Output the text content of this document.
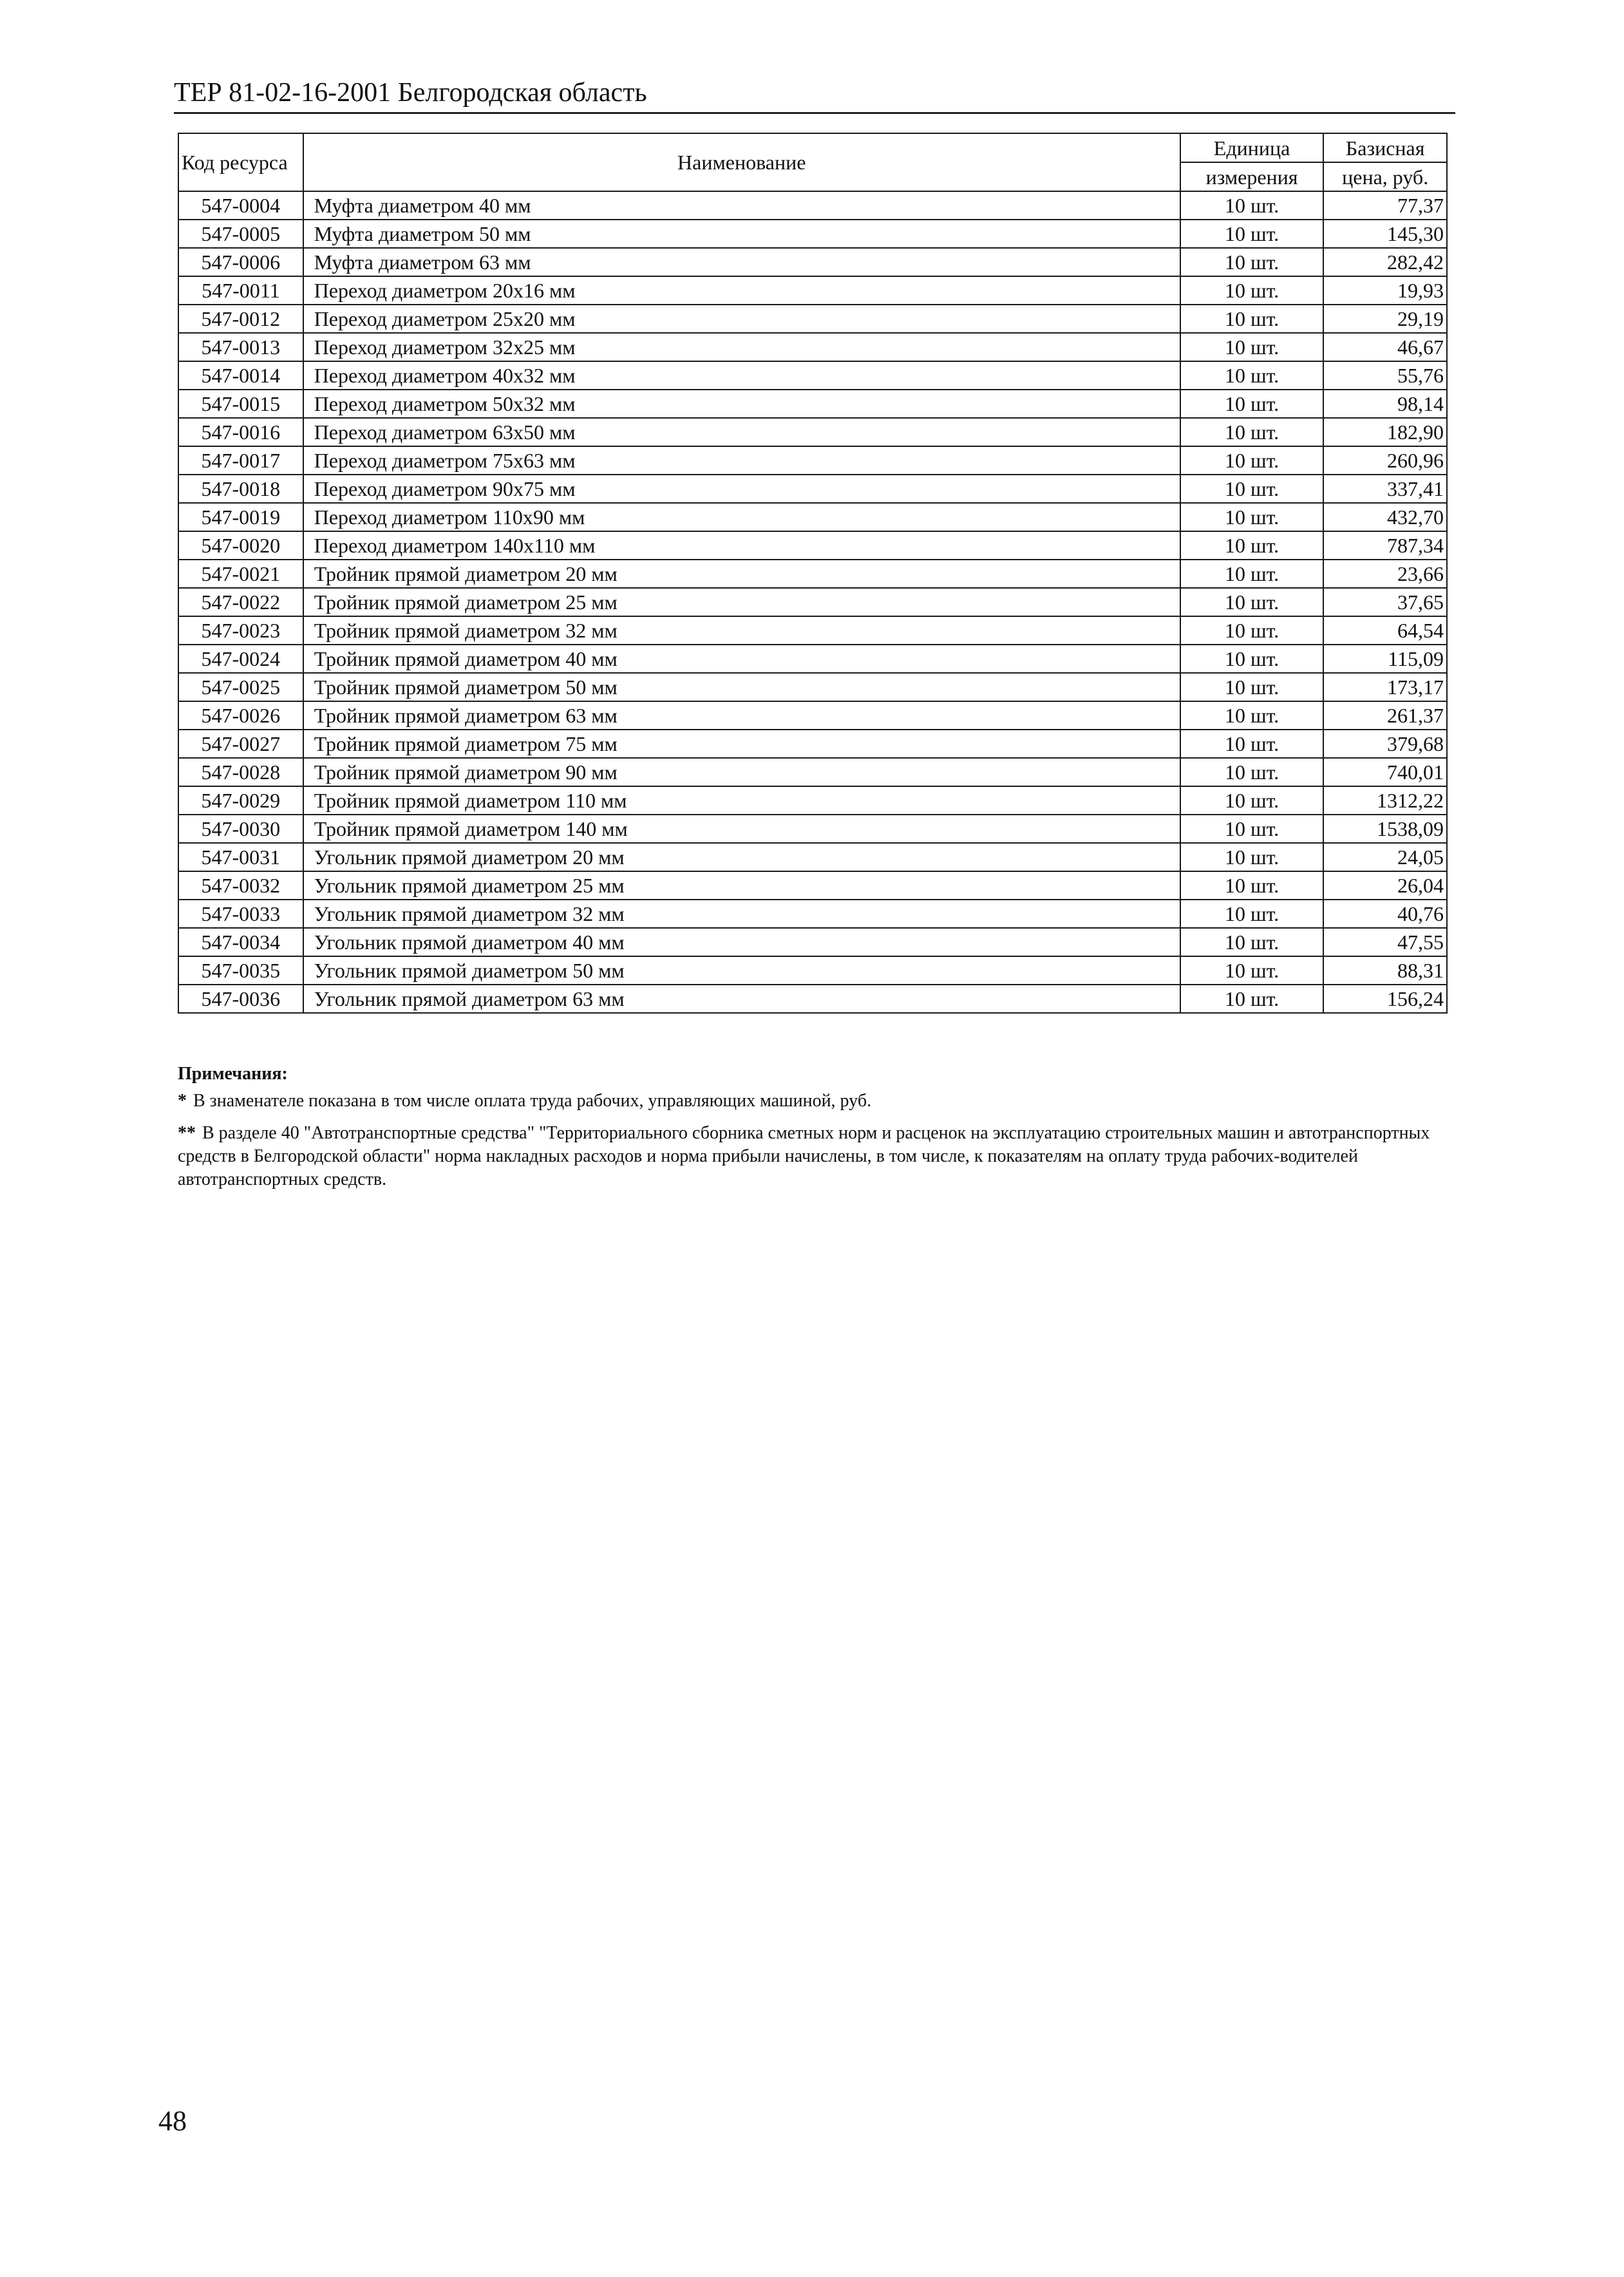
ТЕР 81-02-16-2001 Белгородская область
Код ресурса	Наименование	Единица	Базисная
		измерения	цена, руб.
547-0004	Муфта диаметром 40 мм	10 шт.	77,37
547-0005	Муфта диаметром 50 мм	10 шт.	145,30
547-0006	Муфта диаметром 63 мм	10 шт.	282,42
547-0011	Переход диаметром 20х16 мм	10 шт.	19,93
547-0012	Переход диаметром 25х20 мм	10 шт.	29,19
547-0013	Переход диаметром 32х25 мм	10 шт.	46,67
547-0014	Переход диаметром 40х32 мм	10 шт.	55,76
547-0015	Переход диаметром 50х32 мм	10 шт.	98,14
547-0016	Переход диаметром 63х50 мм	10 шт.	182,90
547-0017	Переход диаметром 75х63 мм	10 шт.	260,96
547-0018	Переход диаметром 90х75 мм	10 шт.	337,41
547-0019	Переход диаметром 110х90 мм	10 шт.	432,70
547-0020	Переход диаметром 140х110 мм	10 шт.	787,34
547-0021	Тройник прямой диаметром 20 мм	10 шт.	23,66
547-0022	Тройник прямой диаметром 25 мм	10 шт.	37,65
547-0023	Тройник прямой диаметром 32 мм	10 шт.	64,54
547-0024	Тройник прямой диаметром 40 мм	10 шт.	115,09
547-0025	Тройник прямой диаметром 50 мм	10 шт.	173,17
547-0026	Тройник прямой диаметром 63 мм	10 шт.	261,37
547-0027	Тройник прямой диаметром 75 мм	10 шт.	379,68
547-0028	Тройник прямой диаметром 90 мм	10 шт.	740,01
547-0029	Тройник прямой диаметром 110 мм	10 шт.	1312,22
547-0030	Тройник прямой диаметром 140 мм	10 шт.	1538,09
547-0031	Угольник прямой диаметром 20 мм	10 шт.	24,05
547-0032	Угольник прямой диаметром 25 мм	10 шт.	26,04
547-0033	Угольник прямой диаметром 32 мм	10 шт.	40,76
547-0034	Угольник прямой диаметром 40 мм	10 шт.	47,55
547-0035	Угольник прямой диаметром 50 мм	10 шт.	88,31
547-0036	Угольник прямой диаметром 63 мм	10 шт.	156,24
Примечания:
* В знаменателе показана в том числе оплата труда рабочих, управляющих машиной, руб.
** В разделе 40 "Автотранспортные средства" "Территориального сборника сметных норм и расценок на эксплуатацию строительных машин и автотранспортных средств в Белгородской области" норма накладных расходов и норма прибыли начислены, в том числе, к показателям на оплату труда рабочих-водителей автотранспортных средств.
48
